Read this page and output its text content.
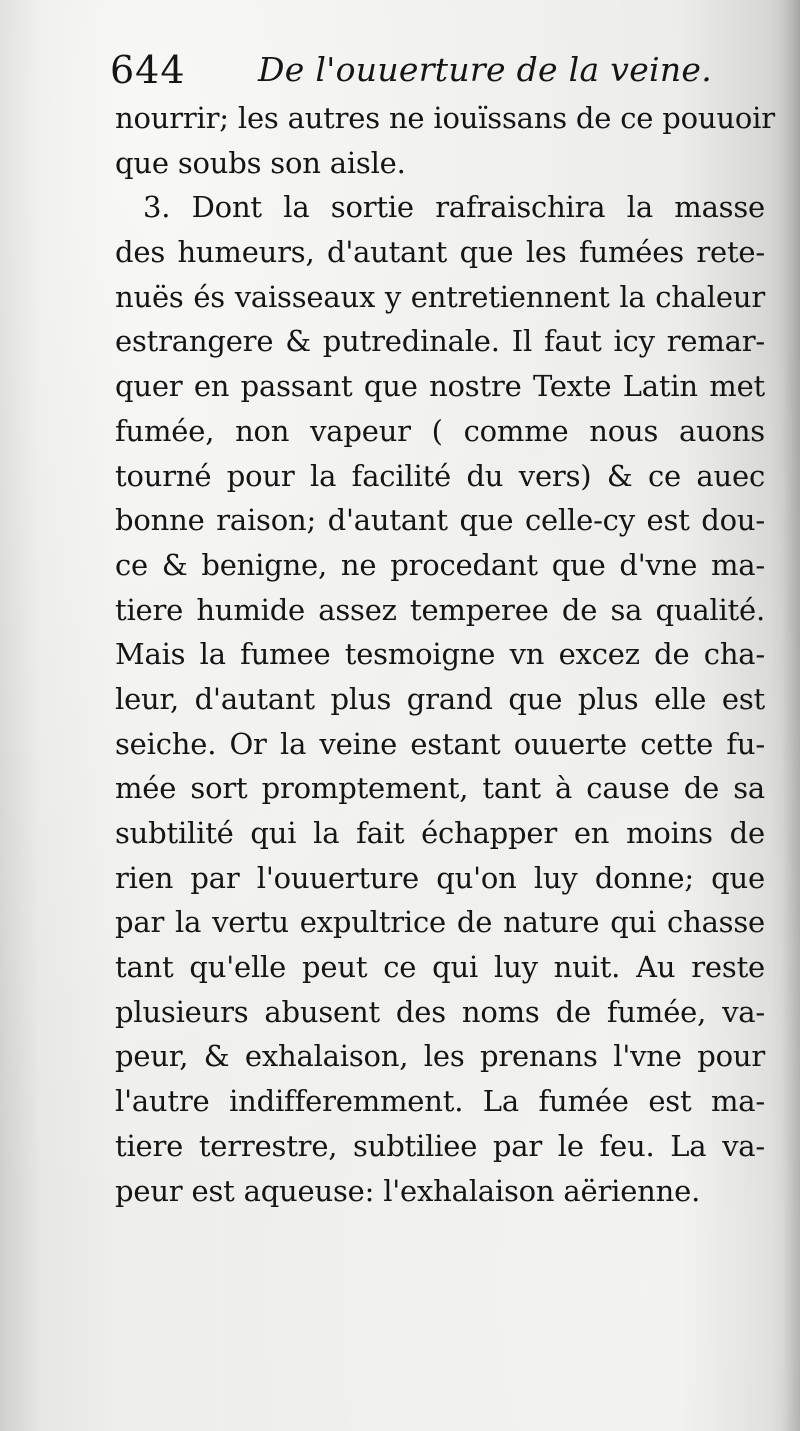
644 De l'ouuerture de la veine.
nourrir; les autres ne iouïssans de ce pouuoir
que soubs son aisle.
3. Dont la sortie rafraischira la masse
des humeurs, d'autant que les fumées rete-
nuës és vaisseaux y entretiennent la chaleur
estrangere & putredinale. Il faut icy remar-
quer en passant que nostre Texte Latin met
fumée, non vapeur ( comme nous auons
tourné pour la facilité du vers) & ce auec
bonne raison; d'autant que celle-cy est dou-
ce & benigne, ne procedant que d'vne ma-
tiere humide assez temperee de sa qualité.
Mais la fumee tesmoigne vn excez de cha-
leur, d'autant plus grand que plus elle est
seiche. Or la veine estant ouuerte cette fu-
mée sort promptement, tant à cause de sa
subtilité qui la fait échapper en moins de
rien par l'ouuerture qu'on luy donne; que
par la vertu expultrice de nature qui chasse
tant qu'elle peut ce qui luy nuit. Au reste
plusieurs abusent des noms de fumée, va-
peur, & exhalaison, les prenans l'vne pour
l'autre indifferemment. La fumée est ma-
tiere terrestre, subtiliee par le feu. La va-
peur est aqueuse: l'exhalaison aërienne.
